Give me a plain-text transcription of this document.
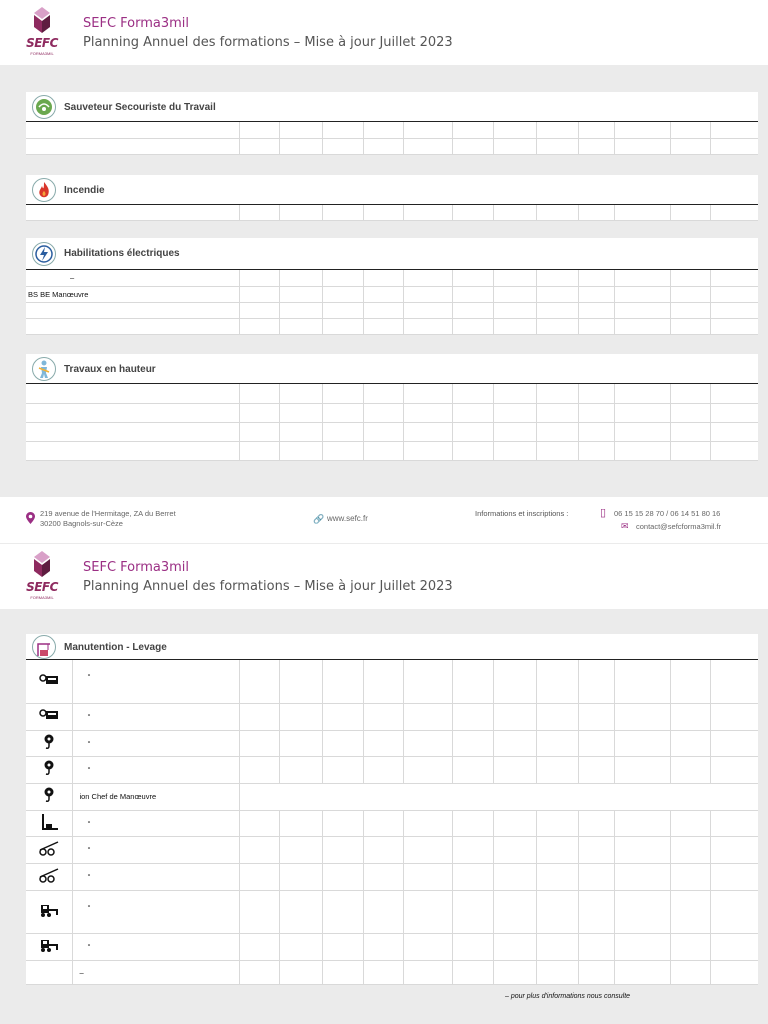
SEFC
FORMA3MIL
SEFC Forma3mil
Planning Annuel des formations – Mise à jour Juillet 2023
Sauveteur Secouriste du Travail

Incendie

Habilitations électriques
–												
BS BE Manœuvre												

Travaux en hauteur

219 avenue de l'Hermitage, ZA du Berret
30200 Bagnols-sur-Cèze	🔗 www.sefc.fr
Informations et inscriptions :	▯ 06 15 15 28 70 / 06 14 51 80 16
✉ contact@sefcforma3mil.fr
SEFC
FORMA3MIL
SEFC Forma3mil
Planning Annuel des formations – Mise à jour Juillet 2023
Manutention - Levage
	°												
	°												
	°												
	°												
	ion Chef de Manœuvre												
	°												
	°												
	°												
	°												
	°												
	–												
– pour plus d'informations nous consulte
